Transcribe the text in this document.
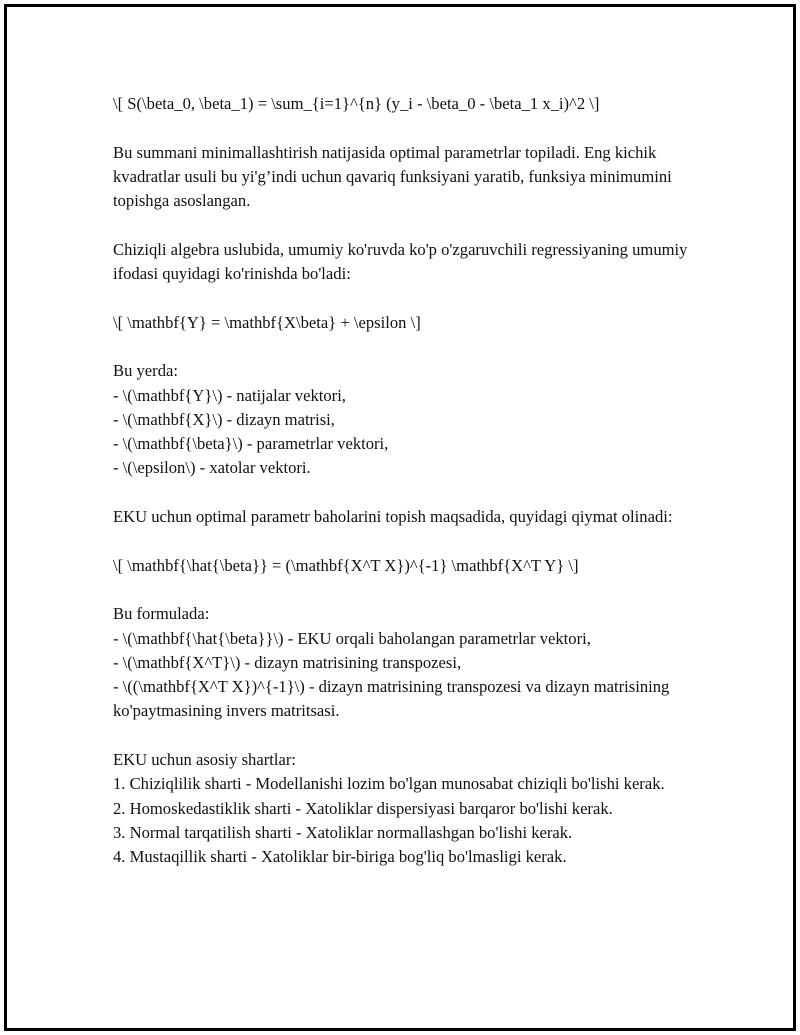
\[ S(\beta_0, \beta_1) = \sum_{i=1}^{n} (y_i - \beta_0 - \beta_1 x_i)^2 \]

Bu summani minimallashtirish natijasida optimal parametrlar topiladi. Eng kichik kvadratlar usuli bu yi'g’indi uchun qavariq funksiyani yaratib, funksiya minimumini topishga asoslangan.

Chiziqli algebra uslubida, umumiy ko'ruvda ko'p o'zgaruvchili regressiyaning umumiy ifodasi quyidagi ko'rinishda bo'ladi:

\[ \mathbf{Y} = \mathbf{X\beta} + \epsilon \]

Bu yerda:
- \(\mathbf{Y}\) - natijalar vektori,
- \(\mathbf{X}\) - dizayn matrisi,
- \(\mathbf{\beta}\) - parametrlar vektori,
- \(\epsilon\) - xatolar vektori.

EKU uchun optimal parametr baholarini topish maqsadida, quyidagi qiymat olinadi:

\[ \mathbf{\hat{\beta}} = (\mathbf{X^T X})^{-1} \mathbf{X^T Y} \]

Bu formulada:
- \(\mathbf{\hat{\beta}}\) - EKU orqali baholangan parametrlar vektori,
- \(\mathbf{X^T}\) - dizayn matrisining transpozesi,
- \((\mathbf{X^T X})^{-1}\) - dizayn matrisining transpozesi va dizayn matrisining ko'paytmasining invers matritsasi.

EKU uchun asosiy shartlar:
1. Chiziqlilik sharti - Modellanishi lozim bo'lgan munosabat chiziqli bo'lishi kerak.
2. Homoskedastiklik sharti - Xatoliklar dispersiyasi barqaror bo'lishi kerak.
3. Normal tarqatilish sharti - Xatoliklar normallashgan bo'lishi kerak.
4. Mustaqillik sharti - Xatoliklar bir-biriga bog'liq bo'lmasligi kerak.
